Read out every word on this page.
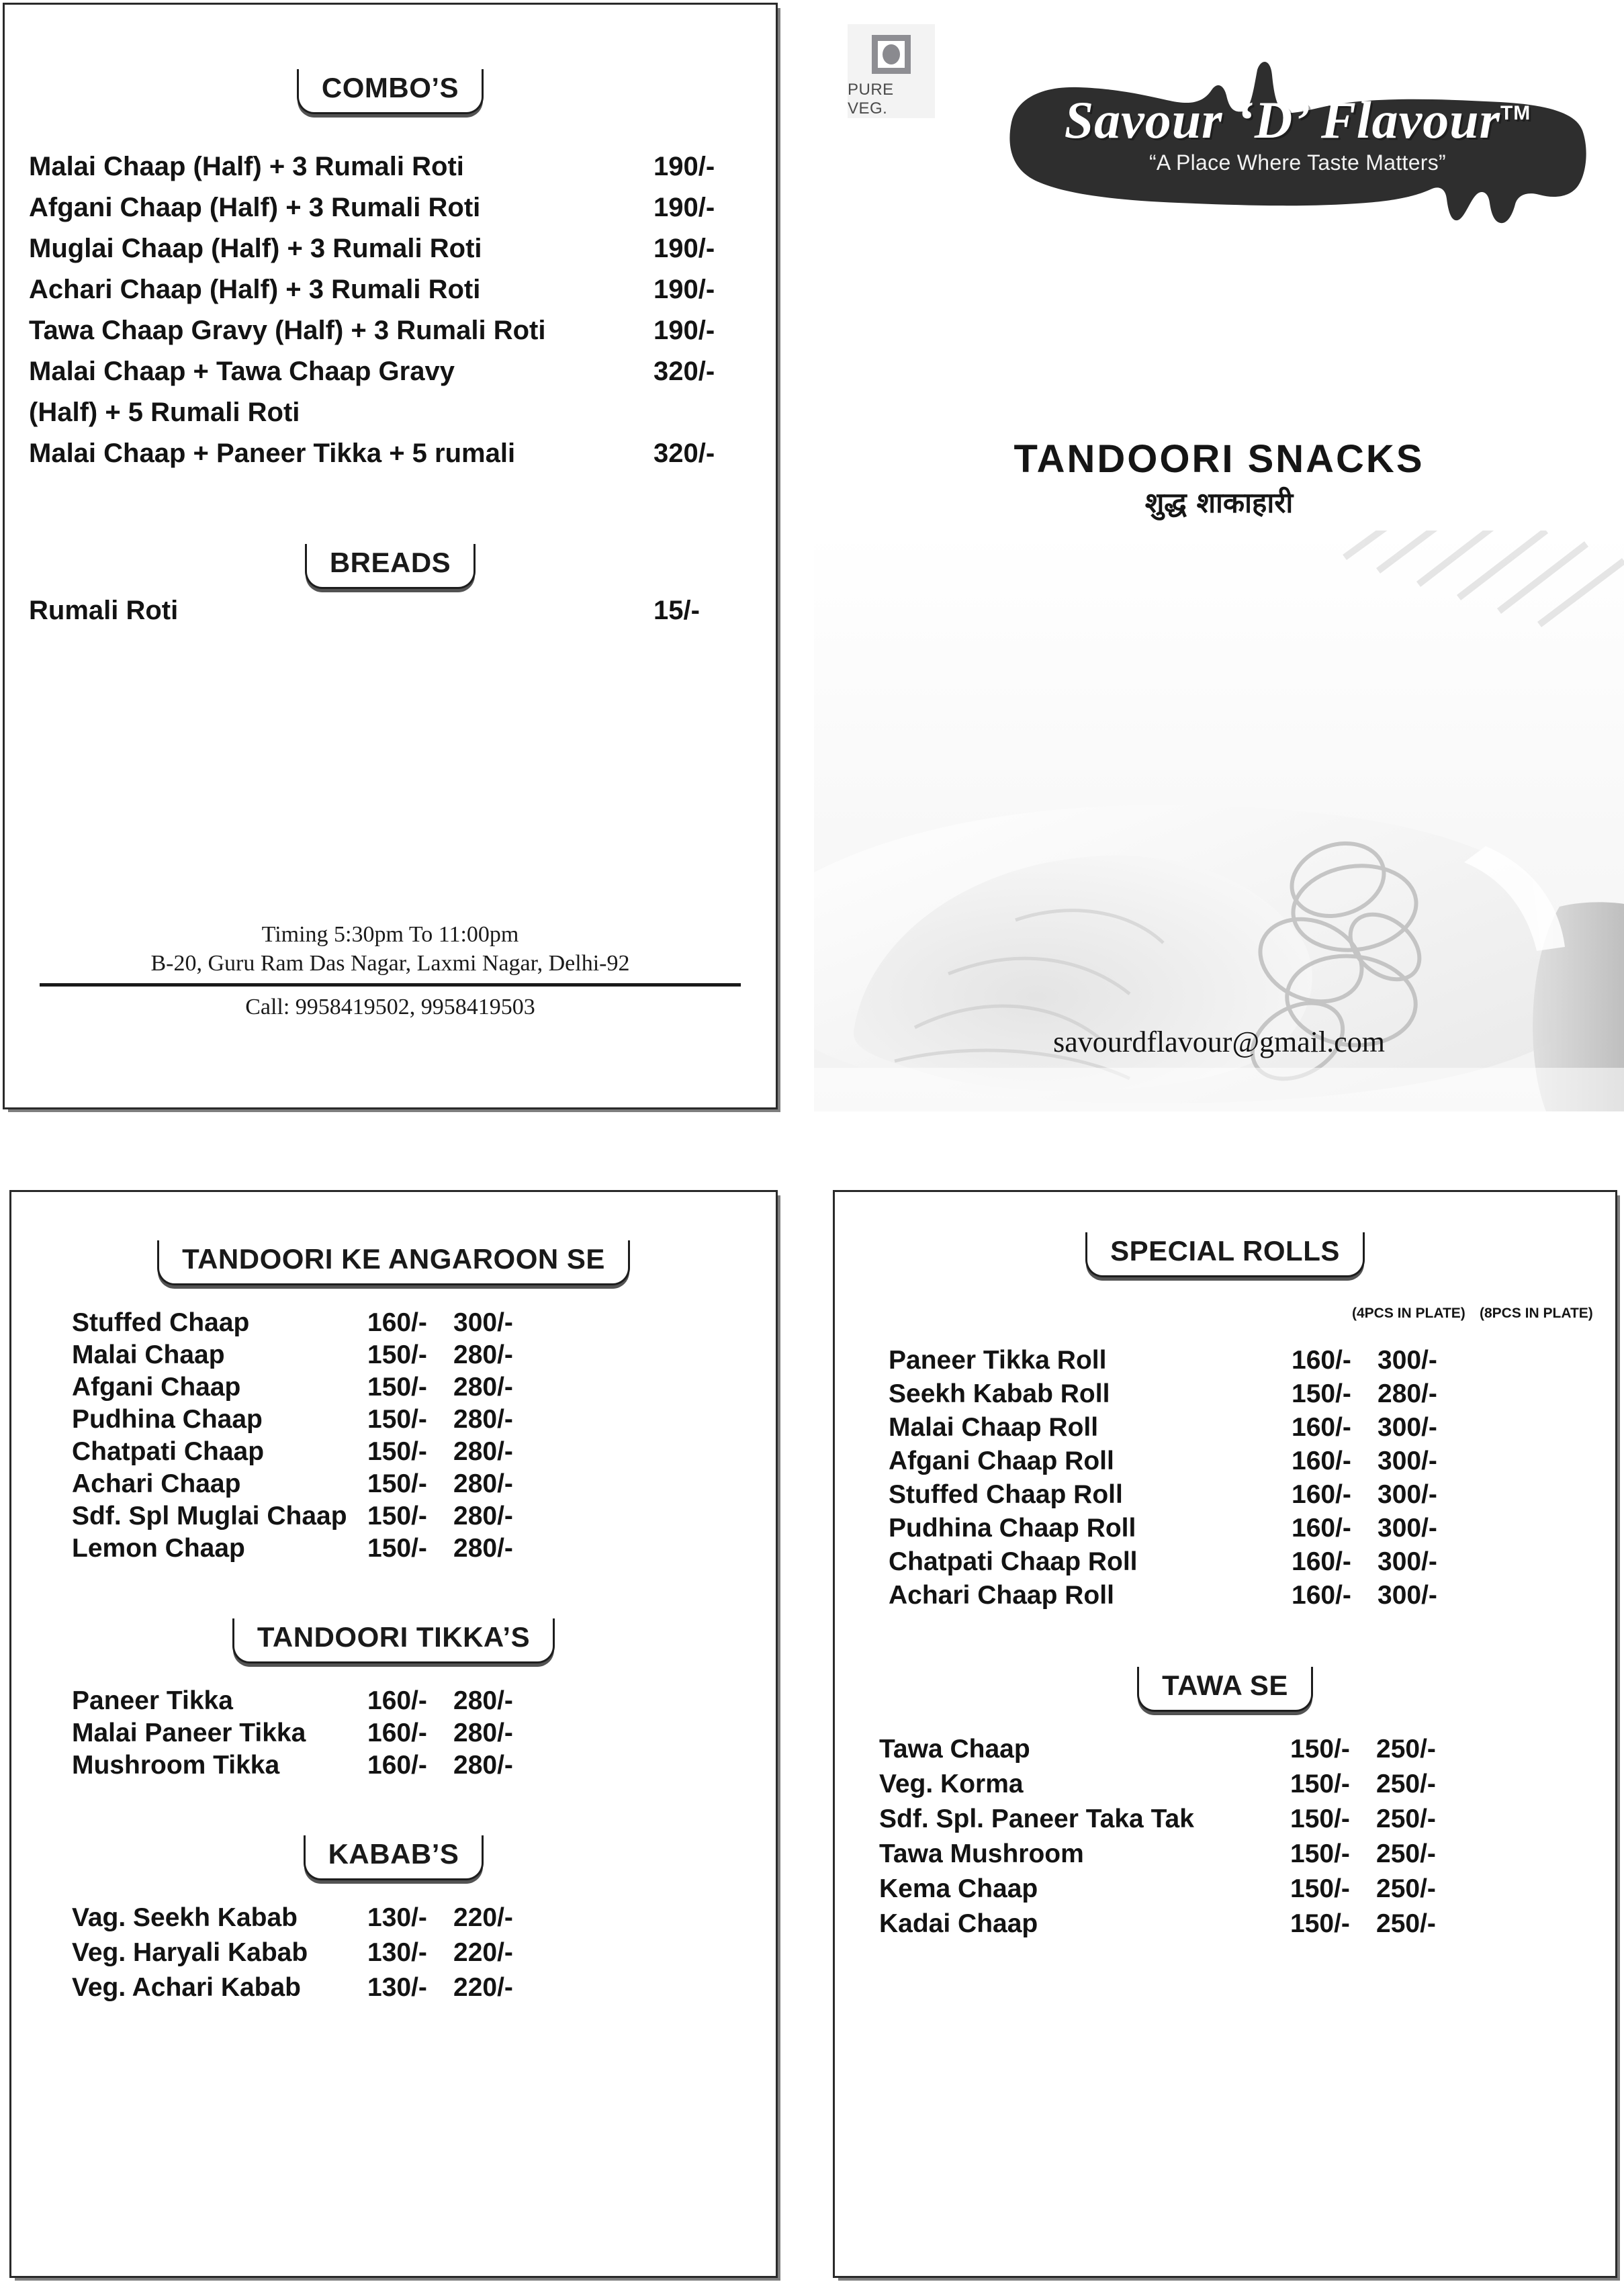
COMBO’S
Malai Chaap (Half) + 3 Rumali Roti	190/-
Afgani Chaap (Half) + 3 Rumali Roti	190/-
Muglai Chaap (Half) + 3 Rumali Roti	190/-
Achari Chaap (Half) + 3 Rumali Roti	190/-
Tawa Chaap Gravy (Half) + 3 Rumali Roti	190/-
Malai Chaap + Tawa Chaap Gravy	320/-
(Half) + 5 Rumali Roti
Malai Chaap + Paneer Tikka + 5 rumali	320/-
BREADS
Rumali Roti	15/-
Timing 5:30pm To 11:00pm
B-20, Guru Ram Das Nagar, Laxmi Nagar, Delhi-92
Call: 9958419502, 9958419503
PURE VEG.	Savour ‘D’ Flavour™
“A Place Where Taste Matters”
TANDOORI SNACKS
शुद्ध शाकाहारी
savourdflavour@gmail.com
TANDOORI KE ANGAROON SE
Stuffed Chaap	160/-	300/-
Malai Chaap	150/-	280/-
Afgani Chaap	150/-	280/-
Pudhina Chaap	150/-	280/-
Chatpati Chaap	150/-	280/-
Achari Chaap	150/-	280/-
Sdf. Spl Muglai Chaap 150/-	280/-
Lemon Chaap	150/-	280/-
TANDOORI TIKKA’S
Paneer Tikka	160/-	280/-
Malai Paneer Tikka	160/-	280/-
Mushroom Tikka	160/-	280/-
KABAB’S
Vag. Seekh Kabab	130/-	220/-
Veg. Haryali Kabab	130/-	220/-
Veg. Achari Kabab	130/-	220/-
SPECIAL ROLLS
(4PCS IN PLATE)	(8PCS IN PLATE)
Paneer Tikka Roll	160/-	300/-
Seekh Kabab Roll	150/-	280/-
Malai Chaap Roll	160/-	300/-
Afgani Chaap Roll	160/-	300/-
Stuffed Chaap Roll	160/-	300/-
Pudhina Chaap Roll	160/-	300/-
Chatpati Chaap Roll	160/-	300/-
Achari Chaap Roll	160/-	300/-
TAWA SE
Tawa Chaap	150/-	250/-
Veg. Korma	150/-	250/-
Sdf. Spl. Paneer Taka Tak	150/-	250/-
Tawa Mushroom	150/-	250/-
Kema Chaap	150/-	250/-
Kadai Chaap	150/-	250/-
